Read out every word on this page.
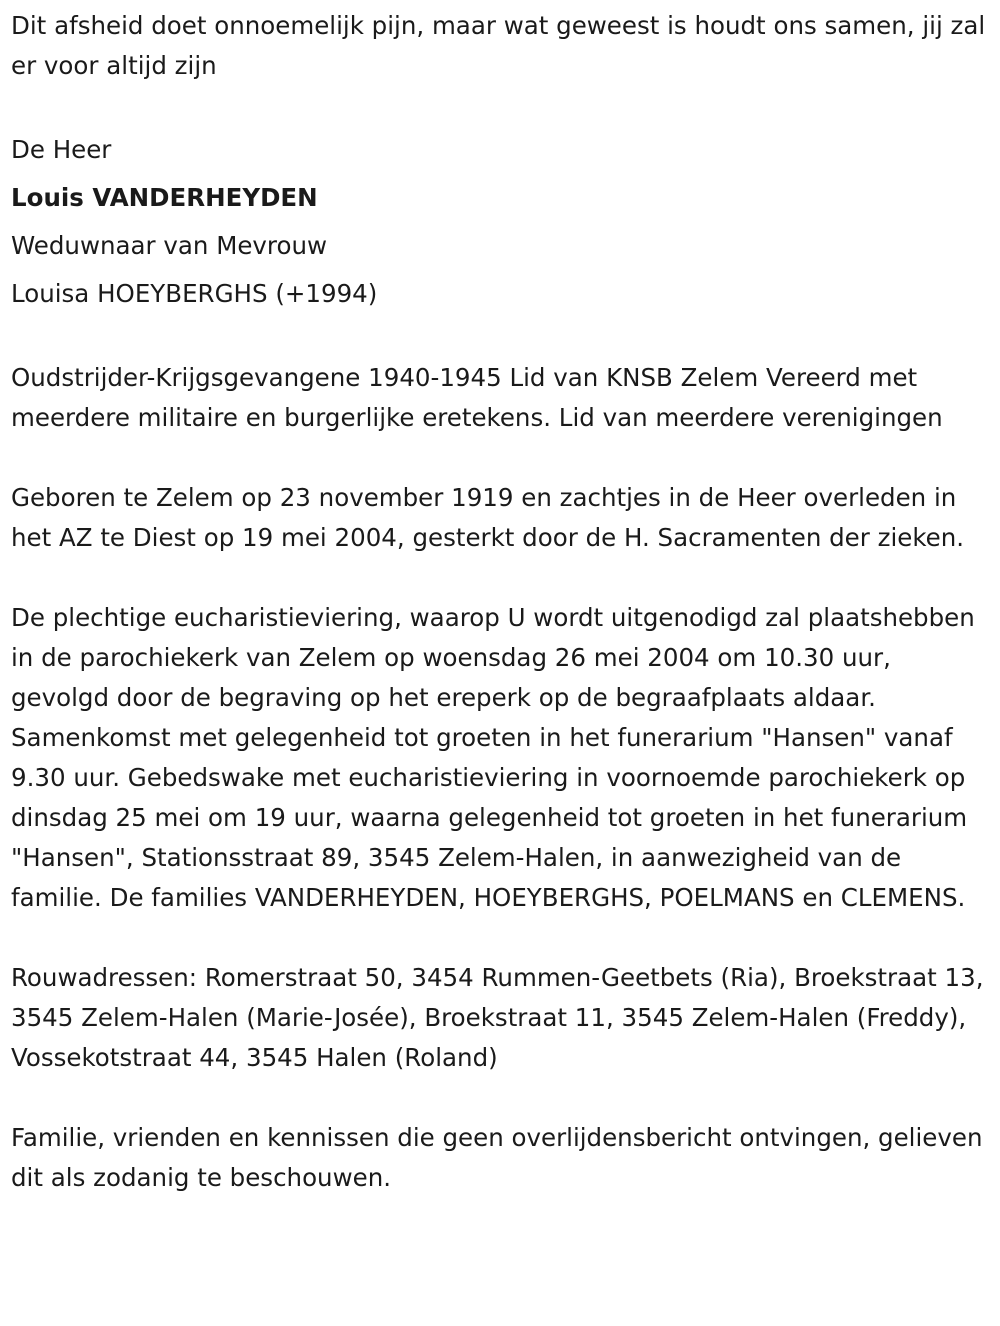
Dit afsheid doet onnoemelijk pijn, maar wat geweest is houdt ons samen, jij zal er voor altijd zijn

De Heer

Louis VANDERHEYDEN

Weduwnaar van Mevrouw

Louisa HOEYBERGHS (+1994)

Oudstrijder-Krijgsgevangene 1940-1945 Lid van KNSB Zelem Vereerd met meerdere militaire en burgerlijke eretekens. Lid van meerdere verenigingen

Geboren te Zelem op 23 november 1919 en zachtjes in de Heer overleden in het AZ te Diest op 19 mei 2004, gesterkt door de H. Sacramenten der zieken.

De plechtige eucharistieviering, waarop U wordt uitgenodigd zal plaatshebben in de parochiekerk van Zelem op woensdag 26 mei 2004 om 10.30 uur, gevolgd door de begraving op het ereperk op de begraafplaats aldaar. Samenkomst met gelegenheid tot groeten in het funerarium "Hansen" vanaf 9.30 uur. Gebedswake met eucharistieviering in voornoemde parochiekerk op dinsdag 25 mei om 19 uur, waarna gelegenheid tot groeten in het funerarium "Hansen", Stationsstraat 89, 3545 Zelem-Halen, in aanwezigheid van de familie. De families VANDERHEYDEN, HOEYBERGHS, POELMANS en CLEMENS.

Rouwadressen: Romerstraat 50, 3454 Rummen-Geetbets (Ria), Broekstraat 13, 3545 Zelem-Halen (Marie-Josée), Broekstraat 11, 3545 Zelem-Halen (Freddy), Vossekotstraat 44, 3545 Halen (Roland)

Familie, vrienden en kennissen die geen overlijdensbericht ontvingen, gelieven dit als zodanig te beschouwen.
